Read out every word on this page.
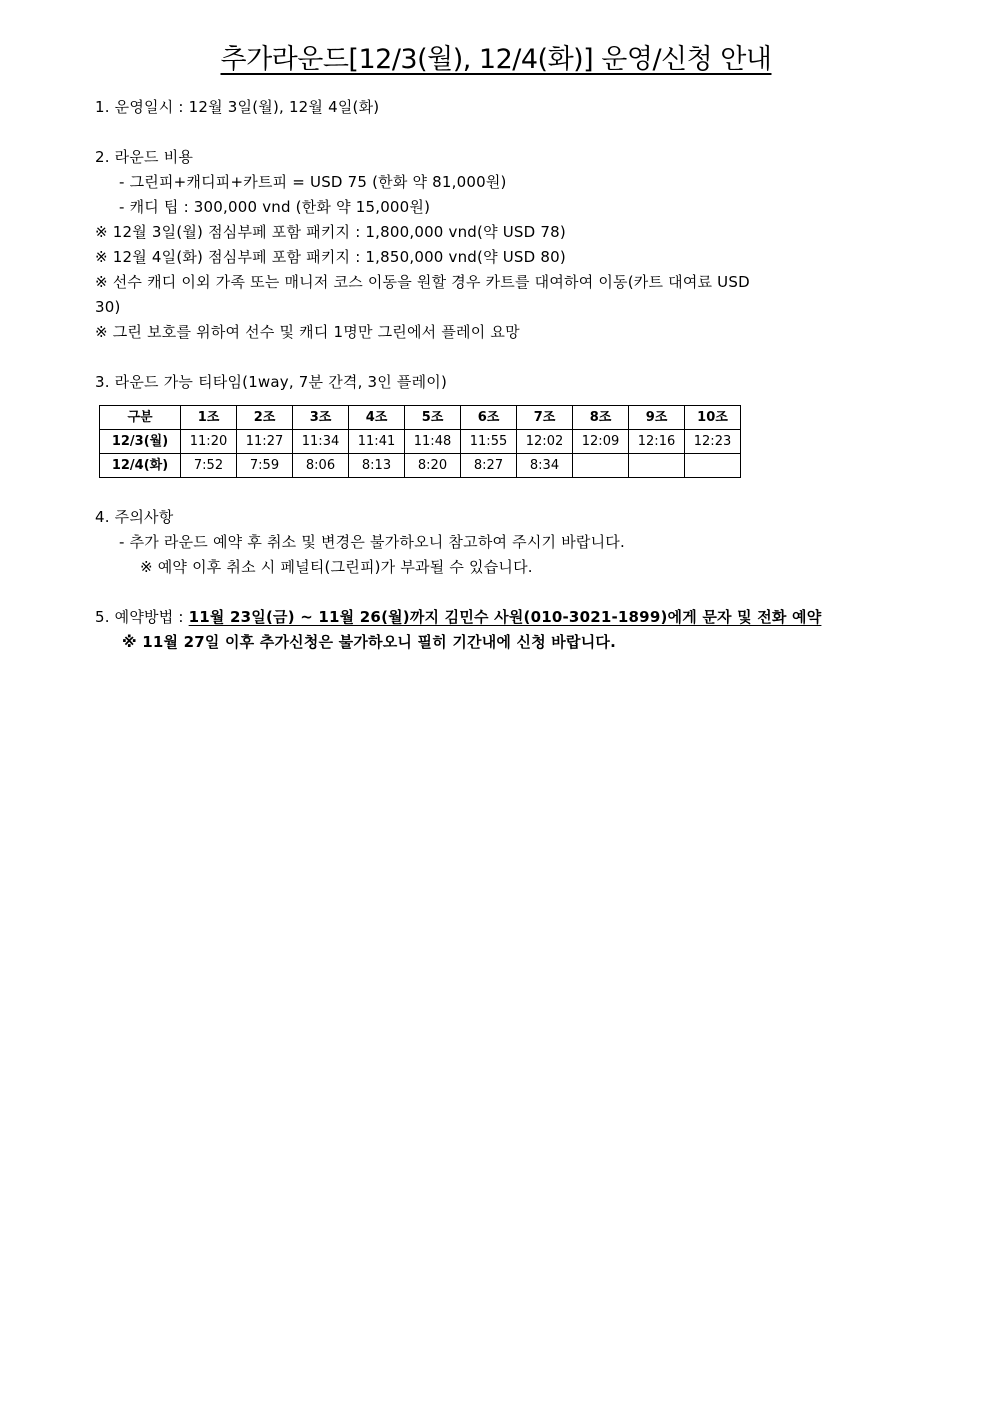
추가라운드[12/3(월), 12/4(화)] 운영/신청 안내
1. 운영일시 : 12월 3일(월), 12월 4일(화)
2. 라운드 비용
- 그린피+캐디피+카트피 = USD 75 (한화 약 81,000원)
- 캐디 팁 : 300,000 vnd (한화 약 15,000원)
※ 12월 3일(월) 점심부페 포함 패키지 : 1,800,000 vnd(약 USD 78)
※ 12월 4일(화) 점심부페 포함 패키지 : 1,850,000 vnd(약 USD 80)
※ 선수 캐디 이외 가족 또는 매니저 코스 이동을 원할 경우 카트를 대여하여 이동(카트 대여료 USD
30)
※ 그린 보호를 위하여 선수 및 캐디 1명만 그린에서 플레이 요망
3. 라운드 가능 티타임(1way, 7분 간격, 3인 플레이)
구분	1조	2조	3조	4조	5조	6조	7조	8조	9조	10조
12/3(월)	11:20	11:27	11:34	11:41	11:48	11:55	12:02	12:09	12:16	12:23
12/4(화)	7:52	7:59	8:06	8:13	8:20	8:27	8:34			
4. 주의사항
- 추가 라운드 예약 후 취소 및 변경은 불가하오니 참고하여 주시기 바랍니다.
※ 예약 이후 취소 시 페널티(그린피)가 부과될 수 있습니다.
5. 예약방법 : 11월 23일(금) ~ 11월 26(월)까지 김민수 사원(010-3021-1899)에게 문자 및 전화 예약
※ 11월 27일 이후 추가신청은 불가하오니 필히 기간내에 신청 바랍니다.
